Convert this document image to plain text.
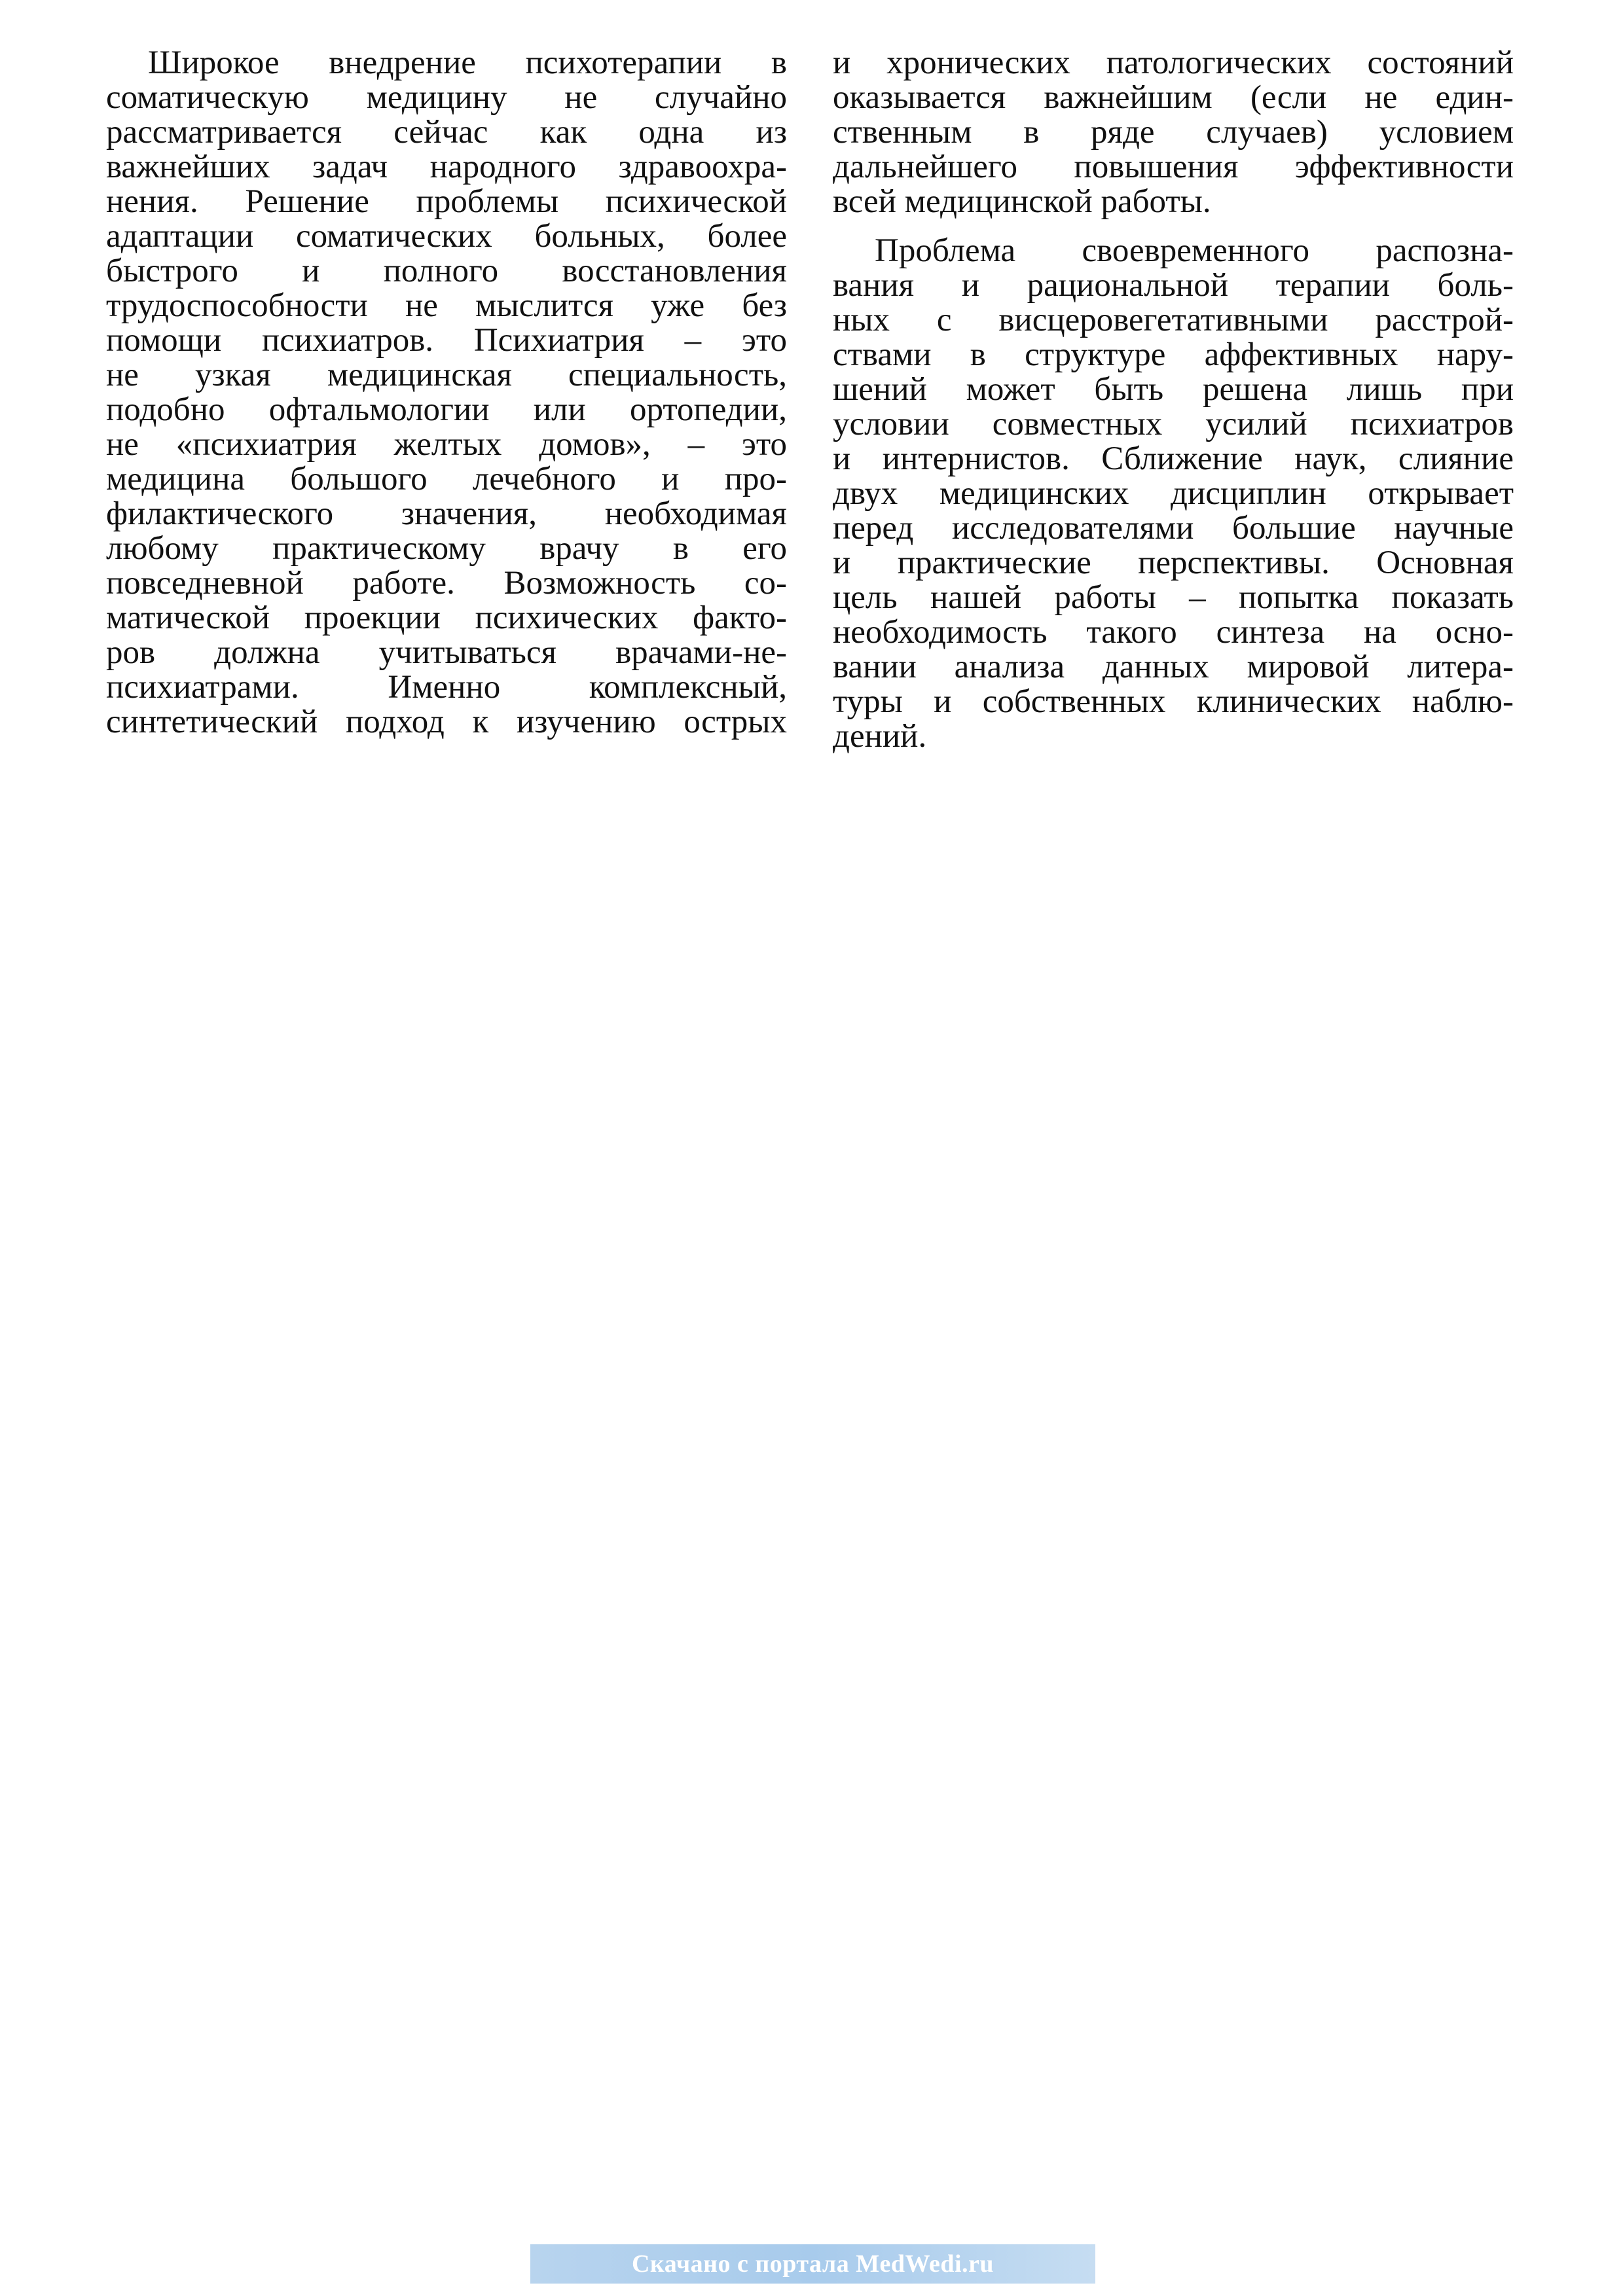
Широкое внедрение психотерапии в
соматическую медицину не случайно
рассматривается сейчас как одна из
важнейших задач народного здравоохра-
нения. Решение проблемы психической
адаптации соматических больных, более
быстрого и полного восстановления
трудоспособности не мыслится уже без
помощи психиатров. Психиатрия – это
не узкая медицинская специальность,
подобно офтальмологии или ортопедии,
не «психиатрия желтых домов», – это
медицина большого лечебного и про-
филактического значения, необходимая
любому практическому врачу в его
повседневной работе. Возможность со-
матической проекции психических факто-
ров должна учитываться врачами-не-
психиатрами. Именно комплексный,
синтетический подход к изучению острых
и хронических патологических состояний
оказывается важнейшим (если не един-
ственным в ряде случаев) условием
дальнейшего повышения эффективности
всей медицинской работы.
Проблема своевременного распозна-
вания и рациональной терапии боль-
ных с висцеровегетативными расстрой-
ствами в структуре аффективных нару-
шений может быть решена лишь при
условии совместных усилий психиатров
и интернистов. Сближение наук, слияние
двух медицинских дисциплин открывает
перед исследователями большие научные
и практические перспективы. Основная
цель нашей работы – попытка показать
необходимость такого синтеза на осно-
вании анализа данных мировой литера-
туры и собственных клинических наблю-
дений.
Скачано с портала MedWedi.ru
